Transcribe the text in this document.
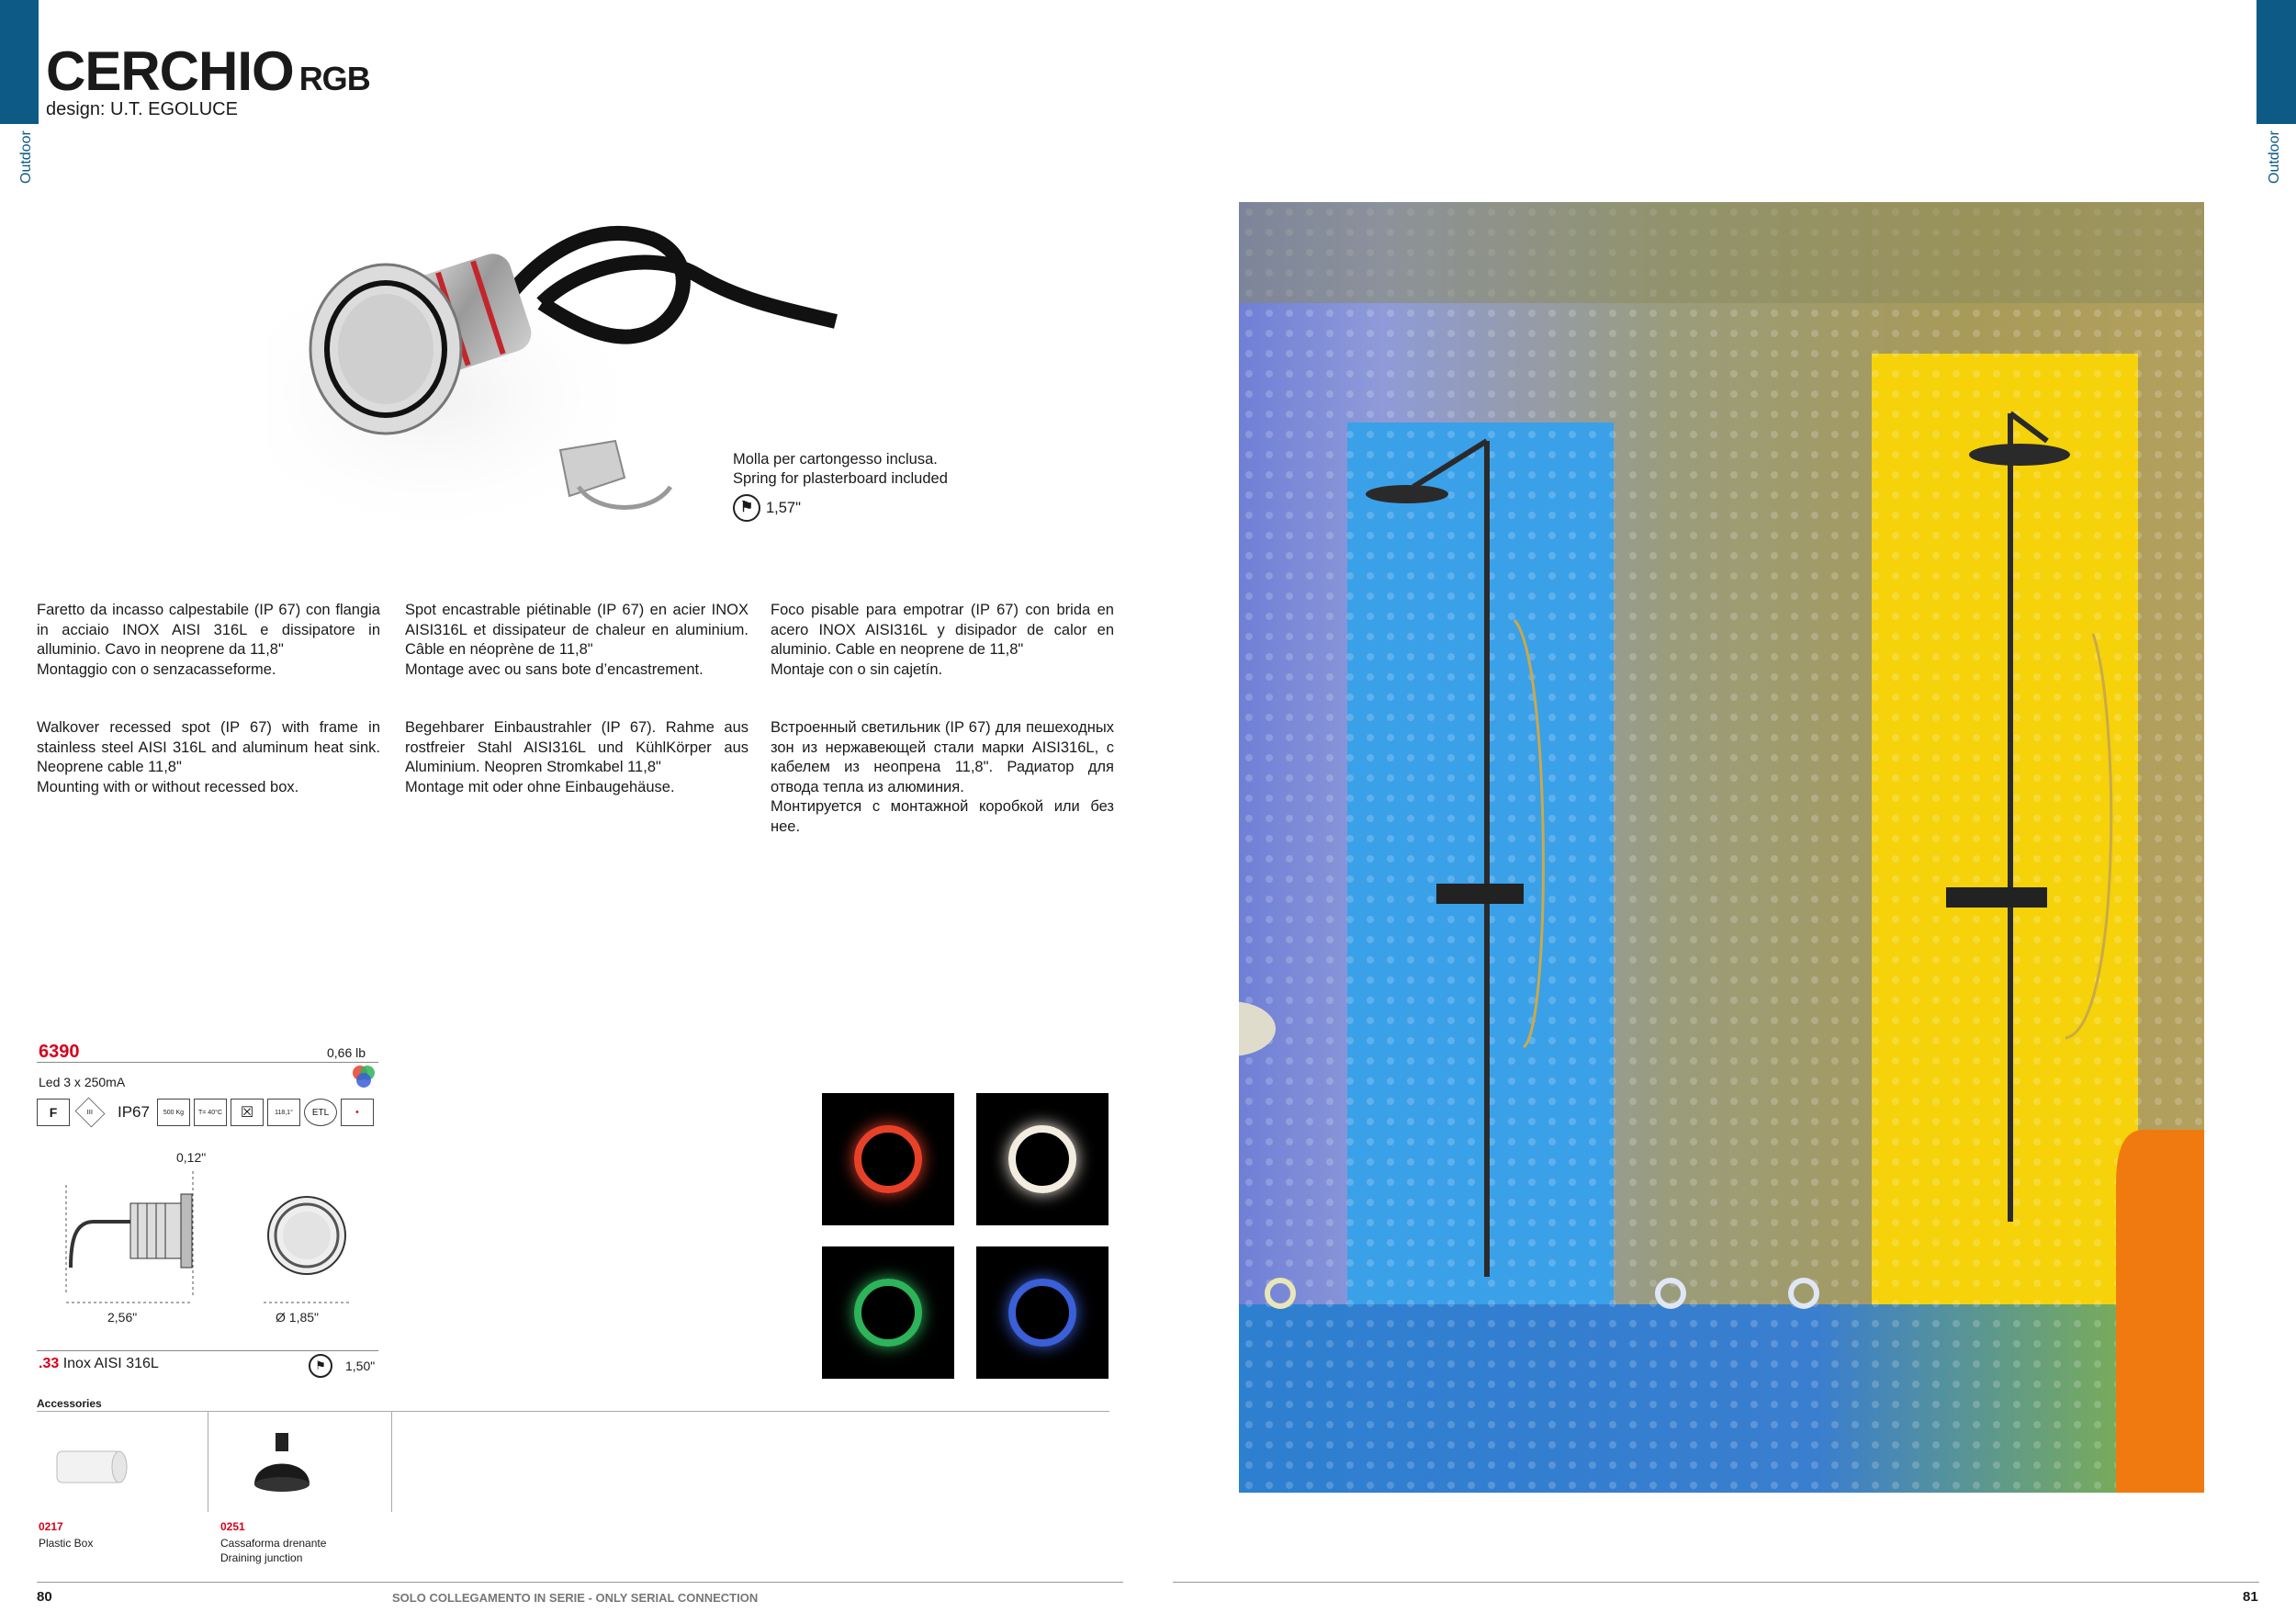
Outdoor	Outdoor
CERCHIO RGB
design: U.T. EGOLUCE
Molla per cartongesso inclusa.
Spring for plasterboard included
⚑ 1,57"

Faretto da incasso calpestabile (IP 67) con flangia in acciaio INOX AISI 316L e dissipatore in alluminio. Cavo in neoprene da 11,8"

Montaggio con o senzacasseforme.

Spot encastrable piétinable (IP 67) en acier INOX AISI316L et dissipateur de chaleur en aluminium. Câble en néoprène de 11,8"

Montage avec ou sans bote d’encastrement.

Foco pisable para empotrar (IP 67) con brida en acero INOX AISI316L y disipador de calor en aluminio. Cable en neoprene de 11,8"

Montaje con o sin cajetín.

Walkover recessed spot (IP 67) with frame in stainless steel AISI 316L and aluminum heat sink. Neoprene cable 11,8"

Mounting with or without recessed box.

Begehbarer Einbaustrahler (IP 67). Rahme aus rostfreier Stahl AISI316L und KühlKörper aus Aluminium. Neopren Stromkabel 11,8"

Montage mit oder ohne Einbaugehäuse.

Встроенный светильник (IP 67) для пешеходных зон из нержавеющей стали марки AISI316L, с кабелем из неопрена 11,8". Радиатор для отвода тепла из алюминия.

Монтируется с монтажной коробкой или без нее.

6390	0,66 lb
Led 3 x 250mA
F	III IP67 500 Kg T= 40°C	☒	118,1°	ETL	•
0,12"
2,56"	Ø 1,85"
.33 Inox AISI 316L	⚑	1,50"
Accessories
0217
Plastic Box
0251
Cassaforma drenante
Draining junction
80	SOLO COLLEGAMENTO IN SERIE - ONLY SERIAL CONNECTION	81
